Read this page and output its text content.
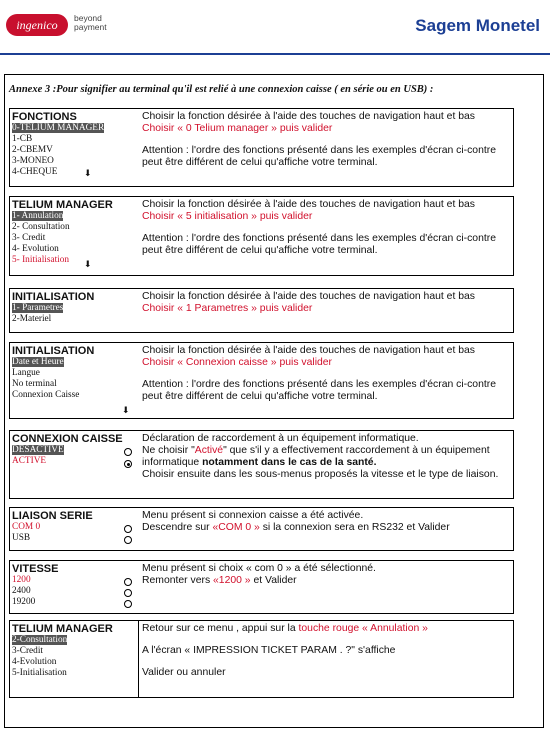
ingenico	beyond
payment	Sagem Monetel
Annexe 3 :Pour signifier au terminal qu'il est relié à une connexion caisse ( en série ou en USB) :
FONCTIONS
0-TELIUM MANAGER
1-CB
2-CBEMV
3-MONEO
4-CHEQUE	⬇

Choisir la fonction désirée à l'aide des touches de navigation haut et bas

Choisir « 0 Telium manager » puis valider

Attention : l'ordre des fonctions présenté dans les exemples d'écran ci-contre peut être différent de celui qu'affiche votre terminal.

TELIUM MANAGER
1- Annulation
2- Consultation
3- Credit
4- Evolution
5- Initialisation	⬇

Choisir la fonction désirée à l'aide des touches de navigation haut et bas

Choisir « 5 initialisation » puis valider

Attention : l'ordre des fonctions présenté dans les exemples d'écran ci-contre peut être différent de celui qu'affiche votre terminal.

INITIALISATION
1- Parametres
2-Materiel

Choisir la fonction désirée à l'aide des touches de navigation haut et bas

Choisir « 1 Parametres » puis valider

INITIALISATION
Date et Heure
Langue
No terminal
Connexion Caisse
⬇

Choisir la fonction désirée à l'aide des touches de navigation haut et bas

Choisir « Connexion caisse » puis valider

Attention : l'ordre des fonctions présenté dans les exemples d'écran ci-contre peut être différent de celui qu'affiche votre terminal.

CONNEXION CAISSE
DESACTIVE
ACTIVE

Déclaration de raccordement à un équipement informatique.

Ne choisir "Activé" que s'il y a effectivement raccordement à un équipement informatique notamment dans le cas de la santé.

Choisir ensuite dans les sous-menus proposés la vitesse et le type de liaison.

LIAISON SERIE
COM 0
USB

Menu présent si connexion caisse a été activée.

Descendre sur «COM 0 » si la connexion sera en RS232 et Valider

VITESSE
1200
2400
19200

Menu présent si choix « com 0 » a été sélectionné.

Remonter vers «1200 » et Valider

TELIUM MANAGER
2-Consultation
3-Credit
4-Evolution
5-Initialisation

Retour sur ce menu , appui sur la touche rouge « Annulation »

A l'écran « IMPRESSION TICKET PARAM . ?" s'affiche

Valider ou annuler
